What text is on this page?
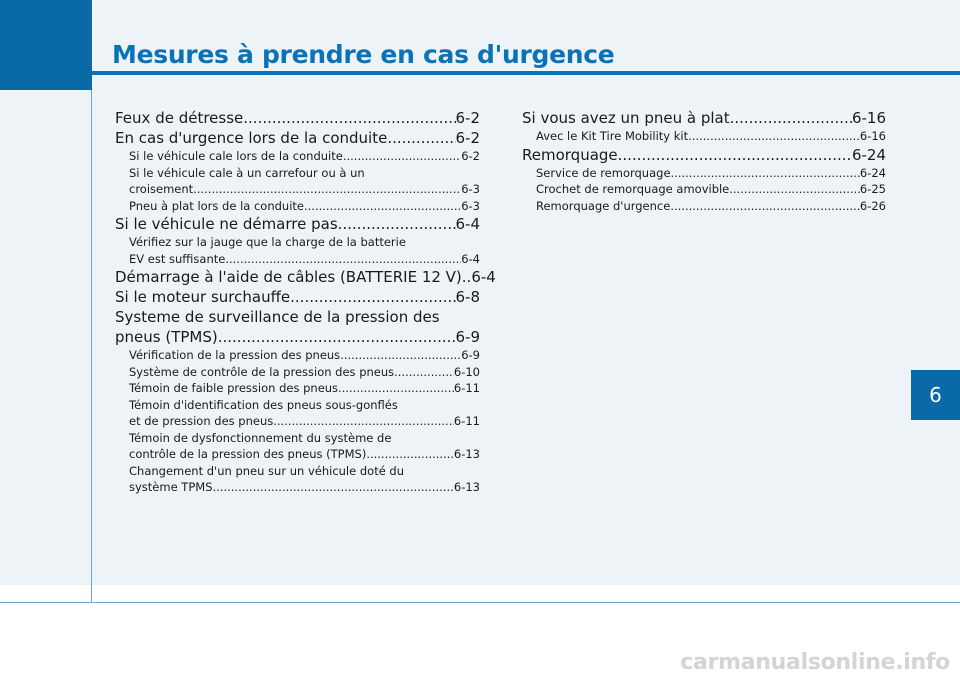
Mesures à prendre en cas d'urgence
Feux de détresse .....	6-2
En cas d'urgence lors de la conduite .....	6-2
Si le véhicule cale lors de la conduite .....	6-2
Si le véhicule cale à un carrefour ou à un
croisement .....	6-3
Pneu à plat lors de la conduite .....	6-3
Si le véhicule ne démarre pas .....	6-4
Vérifiez sur la jauge que la charge de la batterie
EV est suffisante .....	6-4
Démarrage à l'aide de câbles (BATTERIE 12 V).. 6-4
Si le moteur surchauffe .....	6-8
Systeme de surveillance de la pression des
pneus (TPMS) .....	6-9
Vérification de la pression des pneus .....	6-9
Système de contrôle de la pression des pneus .....	6-10
Témoin de faible pression des pneus .....	6-11
Témoin d'identification des pneus sous-gonflés
et de pression des pneus .....	6-11
Témoin de dysfonctionnement du système de
contrôle de la pression des pneus (TPMS) .....	6-13
Changement d'un pneu sur un véhicule doté du
système TPMS .....	6-13
Si vous avez un pneu à plat .....	6-16
Avec le Kit Tire Mobility kit .....	6-16
Remorquage .....	6-24
Service de remorquage .....	6-24
Crochet de remorquage amovible .....	6-25
Remorquage d'urgence .....	6-26
6
carmanualsonline.info
